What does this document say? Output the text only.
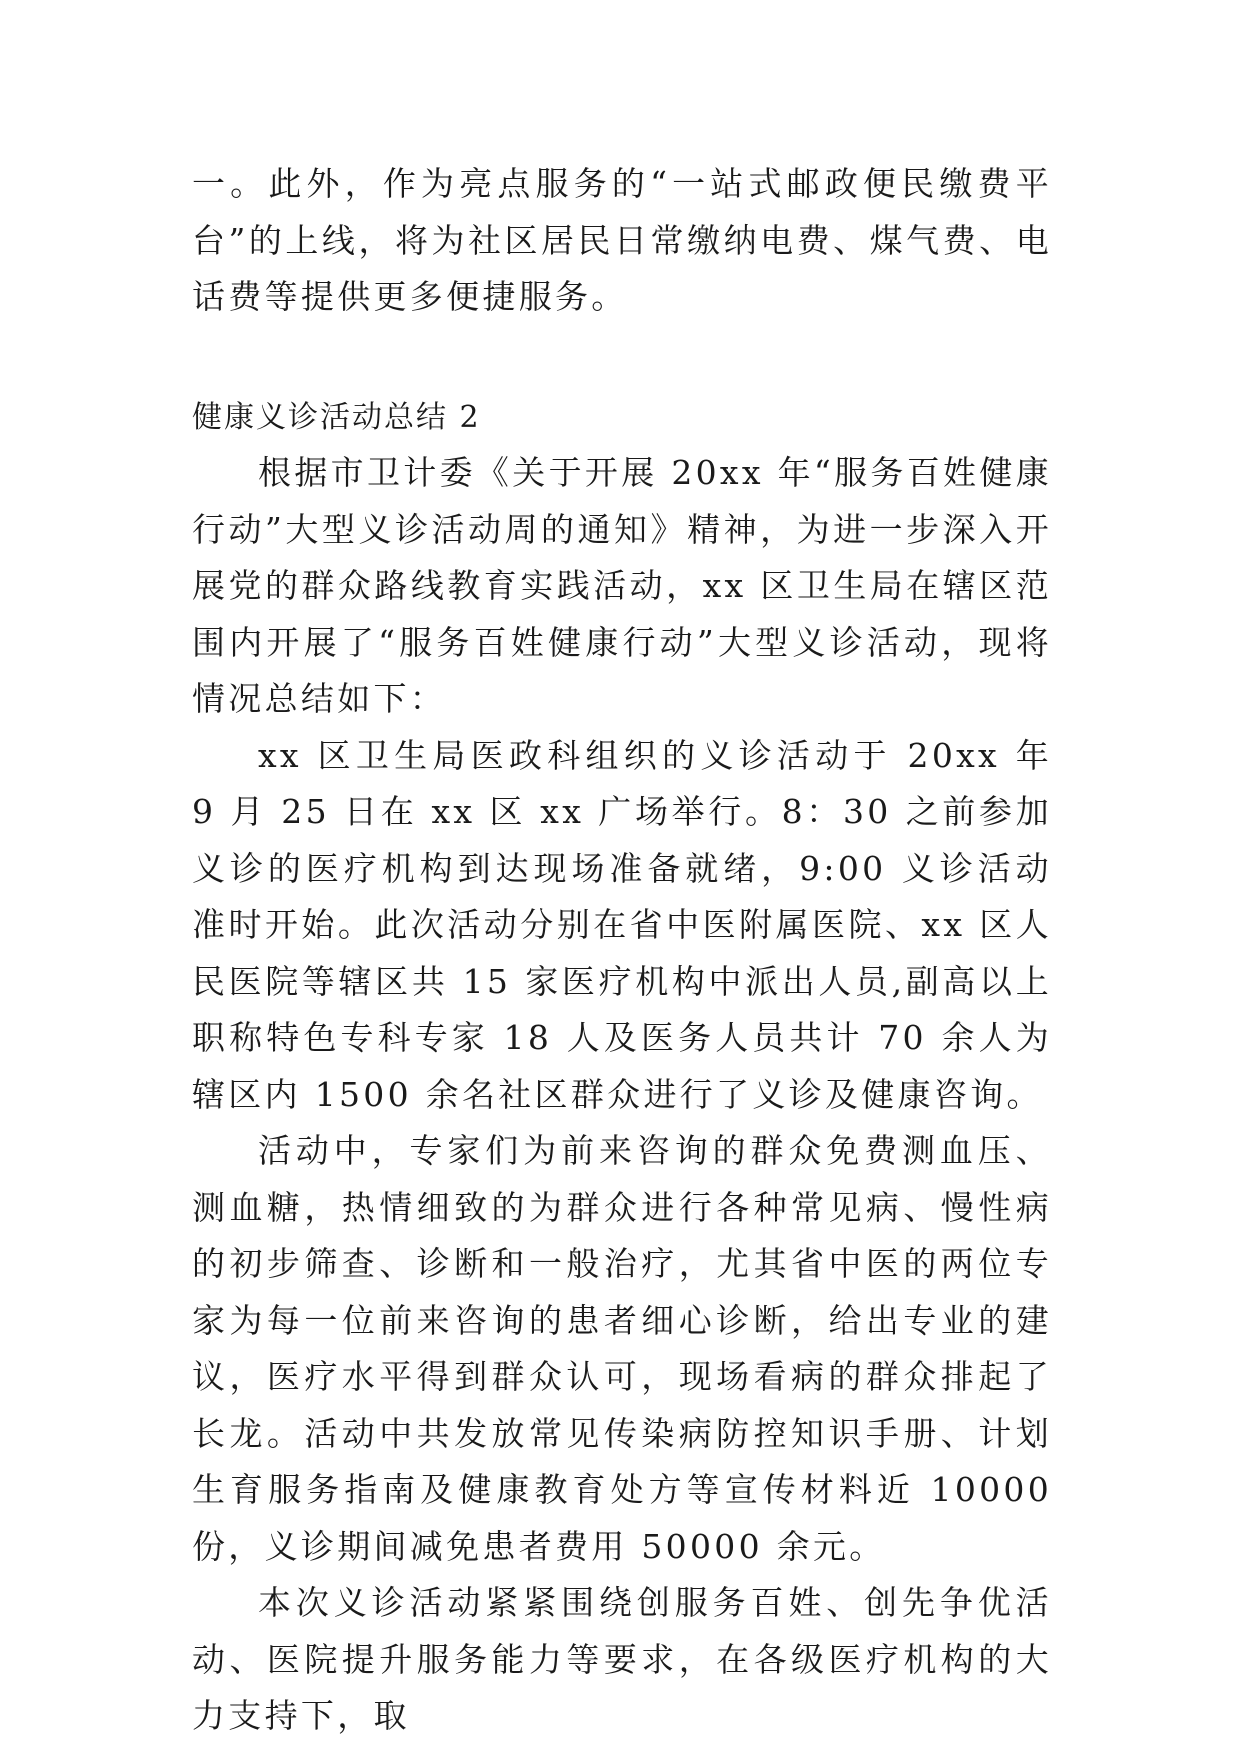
一。此外，作为亮点服务的“一站式邮政便民缴费平台”的上线，将为社区居民日常缴纳电费、煤气费、电话费等提供更多便捷服务。

健康义诊活动总结 2

根据市卫计委《关于开展 20xx 年“服务百姓健康行动”大型义诊活动周的通知》精神，为进一步深入开展党的群众路线教育实践活动，xx 区卫生局在辖区范围内开展了“服务百姓健康行动”大型义诊活动，现将情况总结如下：

xx 区卫生局医政科组织的义诊活动于 20xx 年 9 月 25 日在 xx 区 xx 广场举行。8：30 之前参加义诊的医疗机构到达现场准备就绪，9:00 义诊活动准时开始。此次活动分别在省中医附属医院、xx 区人民医院等辖区共 15 家医疗机构中派出人员,副高以上职称特色专科专家 18 人及医务人员共计 70 余人为辖区内 1500 余名社区群众进行了义诊及健康咨询。

活动中，专家们为前来咨询的群众免费测血压、测血糖，热情细致的为群众进行各种常见病、慢性病的初步筛查、诊断和一般治疗，尤其省中医的两位专家为每一位前来咨询的患者细心诊断，给出专业的建议，医疗水平得到群众认可，现场看病的群众排起了长龙。活动中共发放常见传染病防控知识手册、计划生育服务指南及健康教育处方等宣传材料近 10000 份，义诊期间减免患者费用 50000 余元。

本次义诊活动紧紧围绕创服务百姓、创先争优活动、医院提升服务能力等要求，在各级医疗机构的大力支持下，取
